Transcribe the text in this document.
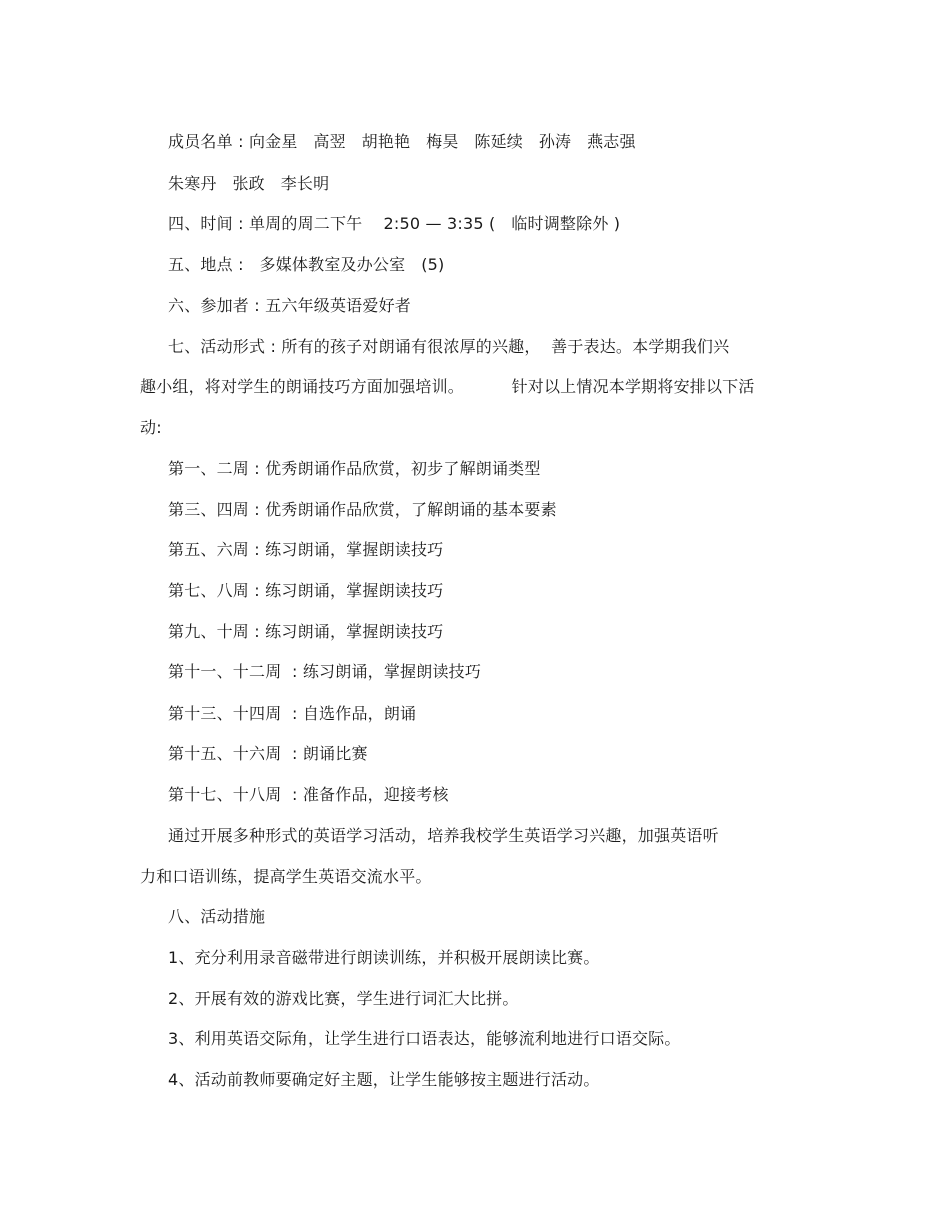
成员名单 : 向金星   高翌   胡艳艳   梅昊   陈延续   孙涛   燕志强
朱寒丹   张政   李长明
四、时间 : 单周的周二下午    2:50 — 3:35 (   临时调整除外 )
五、地点 :   多媒体教室及办公室   (5)
六、参加者 : 五六年级英语爱好者
七、活动形式 : 所有的孩子对朗诵有很浓厚的兴趣，  善于表达。本学期我们兴
趣小组，将对学生的朗诵技巧方面加强培训。         针对以上情况本学期将安排以下活
动:
第一、二周 : 优秀朗诵作品欣赏，初步了解朗诵类型
第三、四周 : 优秀朗诵作品欣赏，了解朗诵的基本要素
第五、六周 : 练习朗诵，掌握朗读技巧
第七、八周 : 练习朗诵，掌握朗读技巧
第九、十周 : 练习朗诵，掌握朗读技巧
第十一、十二周  : 练习朗诵，掌握朗读技巧
第十三、十四周  : 自选作品，朗诵
第十五、十六周  : 朗诵比赛
第十七、十八周  : 准备作品，迎接考核
通过开展多种形式的英语学习活动，培养我校学生英语学习兴趣，加强英语听
力和口语训练，提高学生英语交流水平。
八、活动措施
1、充分利用录音磁带进行朗读训练，并积极开展朗读比赛。
2、开展有效的游戏比赛，学生进行词汇大比拼。
3、利用英语交际角，让学生进行口语表达，能够流利地进行口语交际。
4、活动前教师要确定好主题，让学生能够按主题进行活动。
